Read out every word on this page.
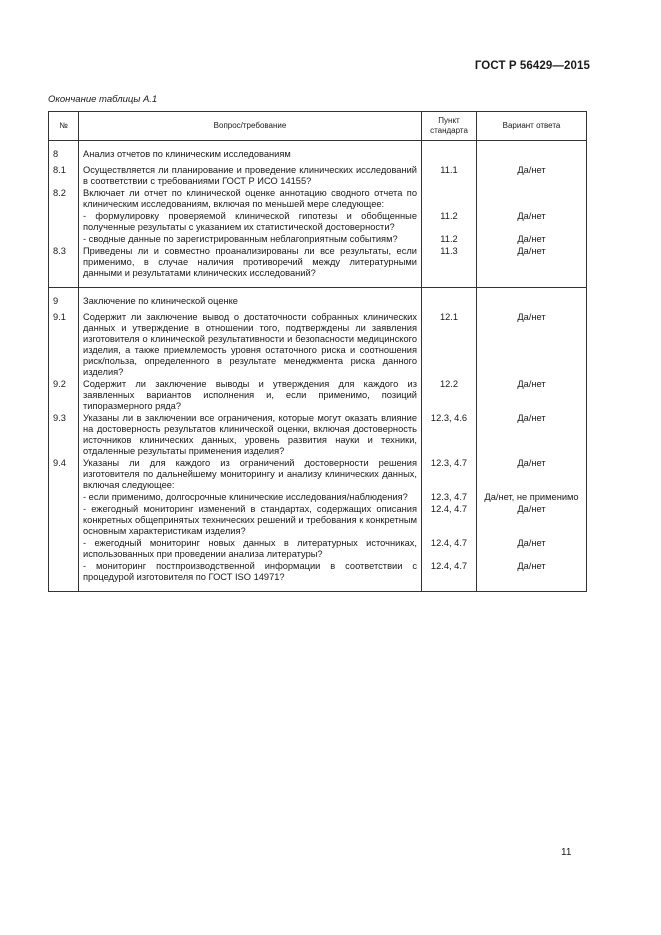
ГОСТ Р 56429—2015
Окончание таблицы А.1
№	Вопрос/требование	Пункт стандарта	Вариант ответа
8	Анализ отчетов по клиническим исследованиям		
8.1	Осуществляется ли планирование и проведение клинических исследований в соответствии с требованиями ГОСТ Р ИСО 14155?	11.1	Да/нет
8.2	Включает ли отчет по клинической оценке аннотацию сводного отчета по клиническим исследованиям, включая по меньшей мере следующее:		
	- формулировку проверяемой клинической гипотезы и обобщенные полученные результаты с указанием их статистической достоверности?	11.2	Да/нет
	- сводные данные по зарегистрированным неблагоприятным событиям?	11.2	Да/нет
8.3	Приведены ли и совместно проанализированы ли все результаты, если применимо, в случае наличия противоречий между литературными данными и результатами клинических исследований?	11.3	Да/нет
9	Заключение по клинической оценке		
9.1	Содержит ли заключение вывод о достаточности собранных клинических данных и утверждение в отношении того, подтверждены ли заявления изготовителя о клинической результативности и безопасности медицинского изделия, а также приемлемость уровня остаточного риска и соотношения риск/польза, определенного в результате менеджмента риска данного изделия?	12.1	Да/нет
9.2	Содержит ли заключение выводы и утверждения для каждого из заявленных вариантов исполнения и, если применимо, позиций типоразмерного ряда?	12.2	Да/нет
9.3	Указаны ли в заключении все ограничения, которые могут оказать влияние на достоверность результатов клинической оценки, включая достоверность источников клинических данных, уровень развития науки и техники, отдаленные результаты применения изделия?	12.3, 4.6	Да/нет
9.4	Указаны ли для каждого из ограничений достоверности решения изготовителя по дальнейшему мониторингу и анализу клинических данных, включая следующее:	12.3, 4.7	Да/нет
	- если применимо, долгосрочные клинические исследования/наблюдения?	12.3, 4.7	Да/нет, не применимо
	- ежегодный мониторинг изменений в стандартах, содержащих описания конкретных общепринятых технических решений и требования к конкретным основным характеристикам изделия?	12.4, 4.7	Да/нет
	- ежегодный мониторинг новых данных в литературных источниках, использованных при проведении анализа литературы?	12.4, 4.7	Да/нет
	- мониторинг постпроизводственной информации в соответствии с процедурой изготовителя по ГОСТ ISO 14971?	12.4, 4.7	Да/нет
11
